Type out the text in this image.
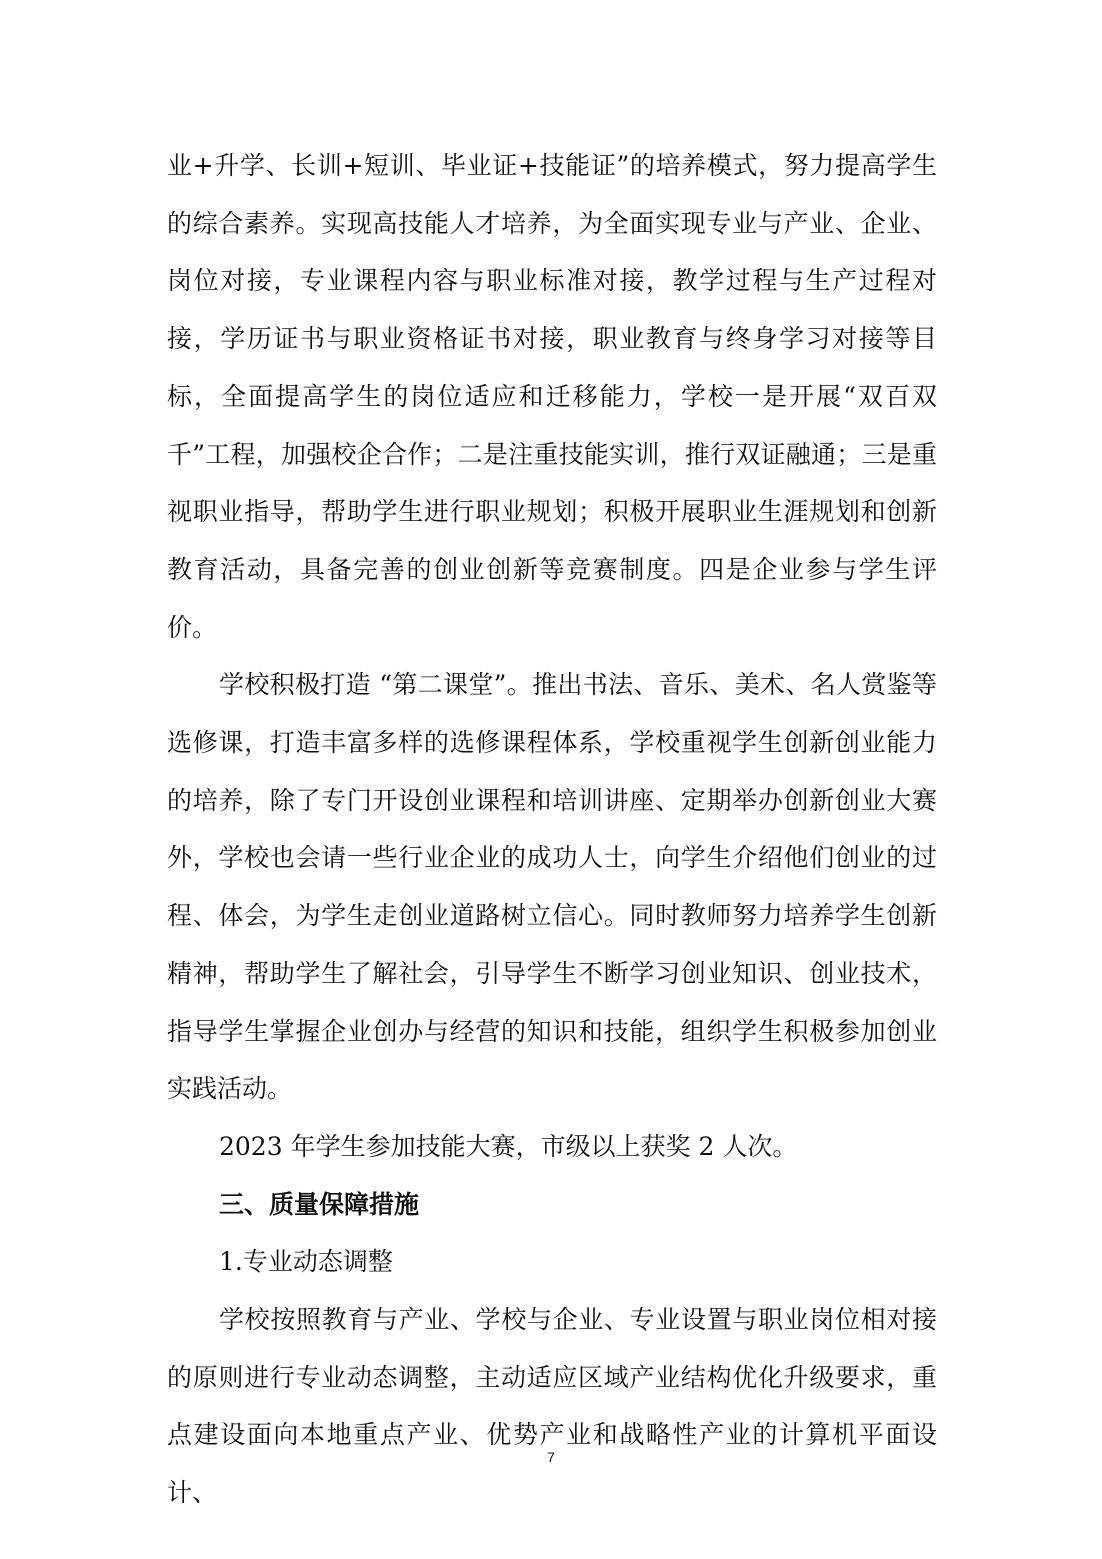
业+升学、长训+短训、毕业证+技能证”的培养模式，努力提高学生的综合素养。实现高技能人才培养，为全面实现专业与产业、企业、岗位对接，专业课程内容与职业标准对接，教学过程与生产过程对接，学历证书与职业资格证书对接，职业教育与终身学习对接等目标，全面提高学生的岗位适应和迁移能力，学校一是开展“双百双千”工程，加强校企合作；二是注重技能实训，推行双证融通；三是重视职业指导，帮助学生进行职业规划；积极开展职业生涯规划和创新教育活动，具备完善的创业创新等竞赛制度。四是企业参与学生评价。

学校积极打造 “第二课堂”。推出书法、音乐、美术、名人赏鉴等选修课，打造丰富多样的选修课程体系，学校重视学生创新创业能力的培养，除了专门开设创业课程和培训讲座、定期举办创新创业大赛外，学校也会请一些行业企业的成功人士，向学生介绍他们创业的过程、体会，为学生走创业道路树立信心。同时教师努力培养学生创新精神，帮助学生了解社会，引导学生不断学习创业知识、创业技术，指导学生掌握企业创办与经营的知识和技能，组织学生积极参加创业实践活动。

2023 年学生参加技能大赛，市级以上获奖 2 人次。

三、质量保障措施

1.专业动态调整

学校按照教育与产业、学校与企业、专业设置与职业岗位相对接的原则进行专业动态调整，主动适应区域产业结构优化升级要求，重点建设面向本地重点产业、优势产业和战略性产业的计算机平面设计、

7
